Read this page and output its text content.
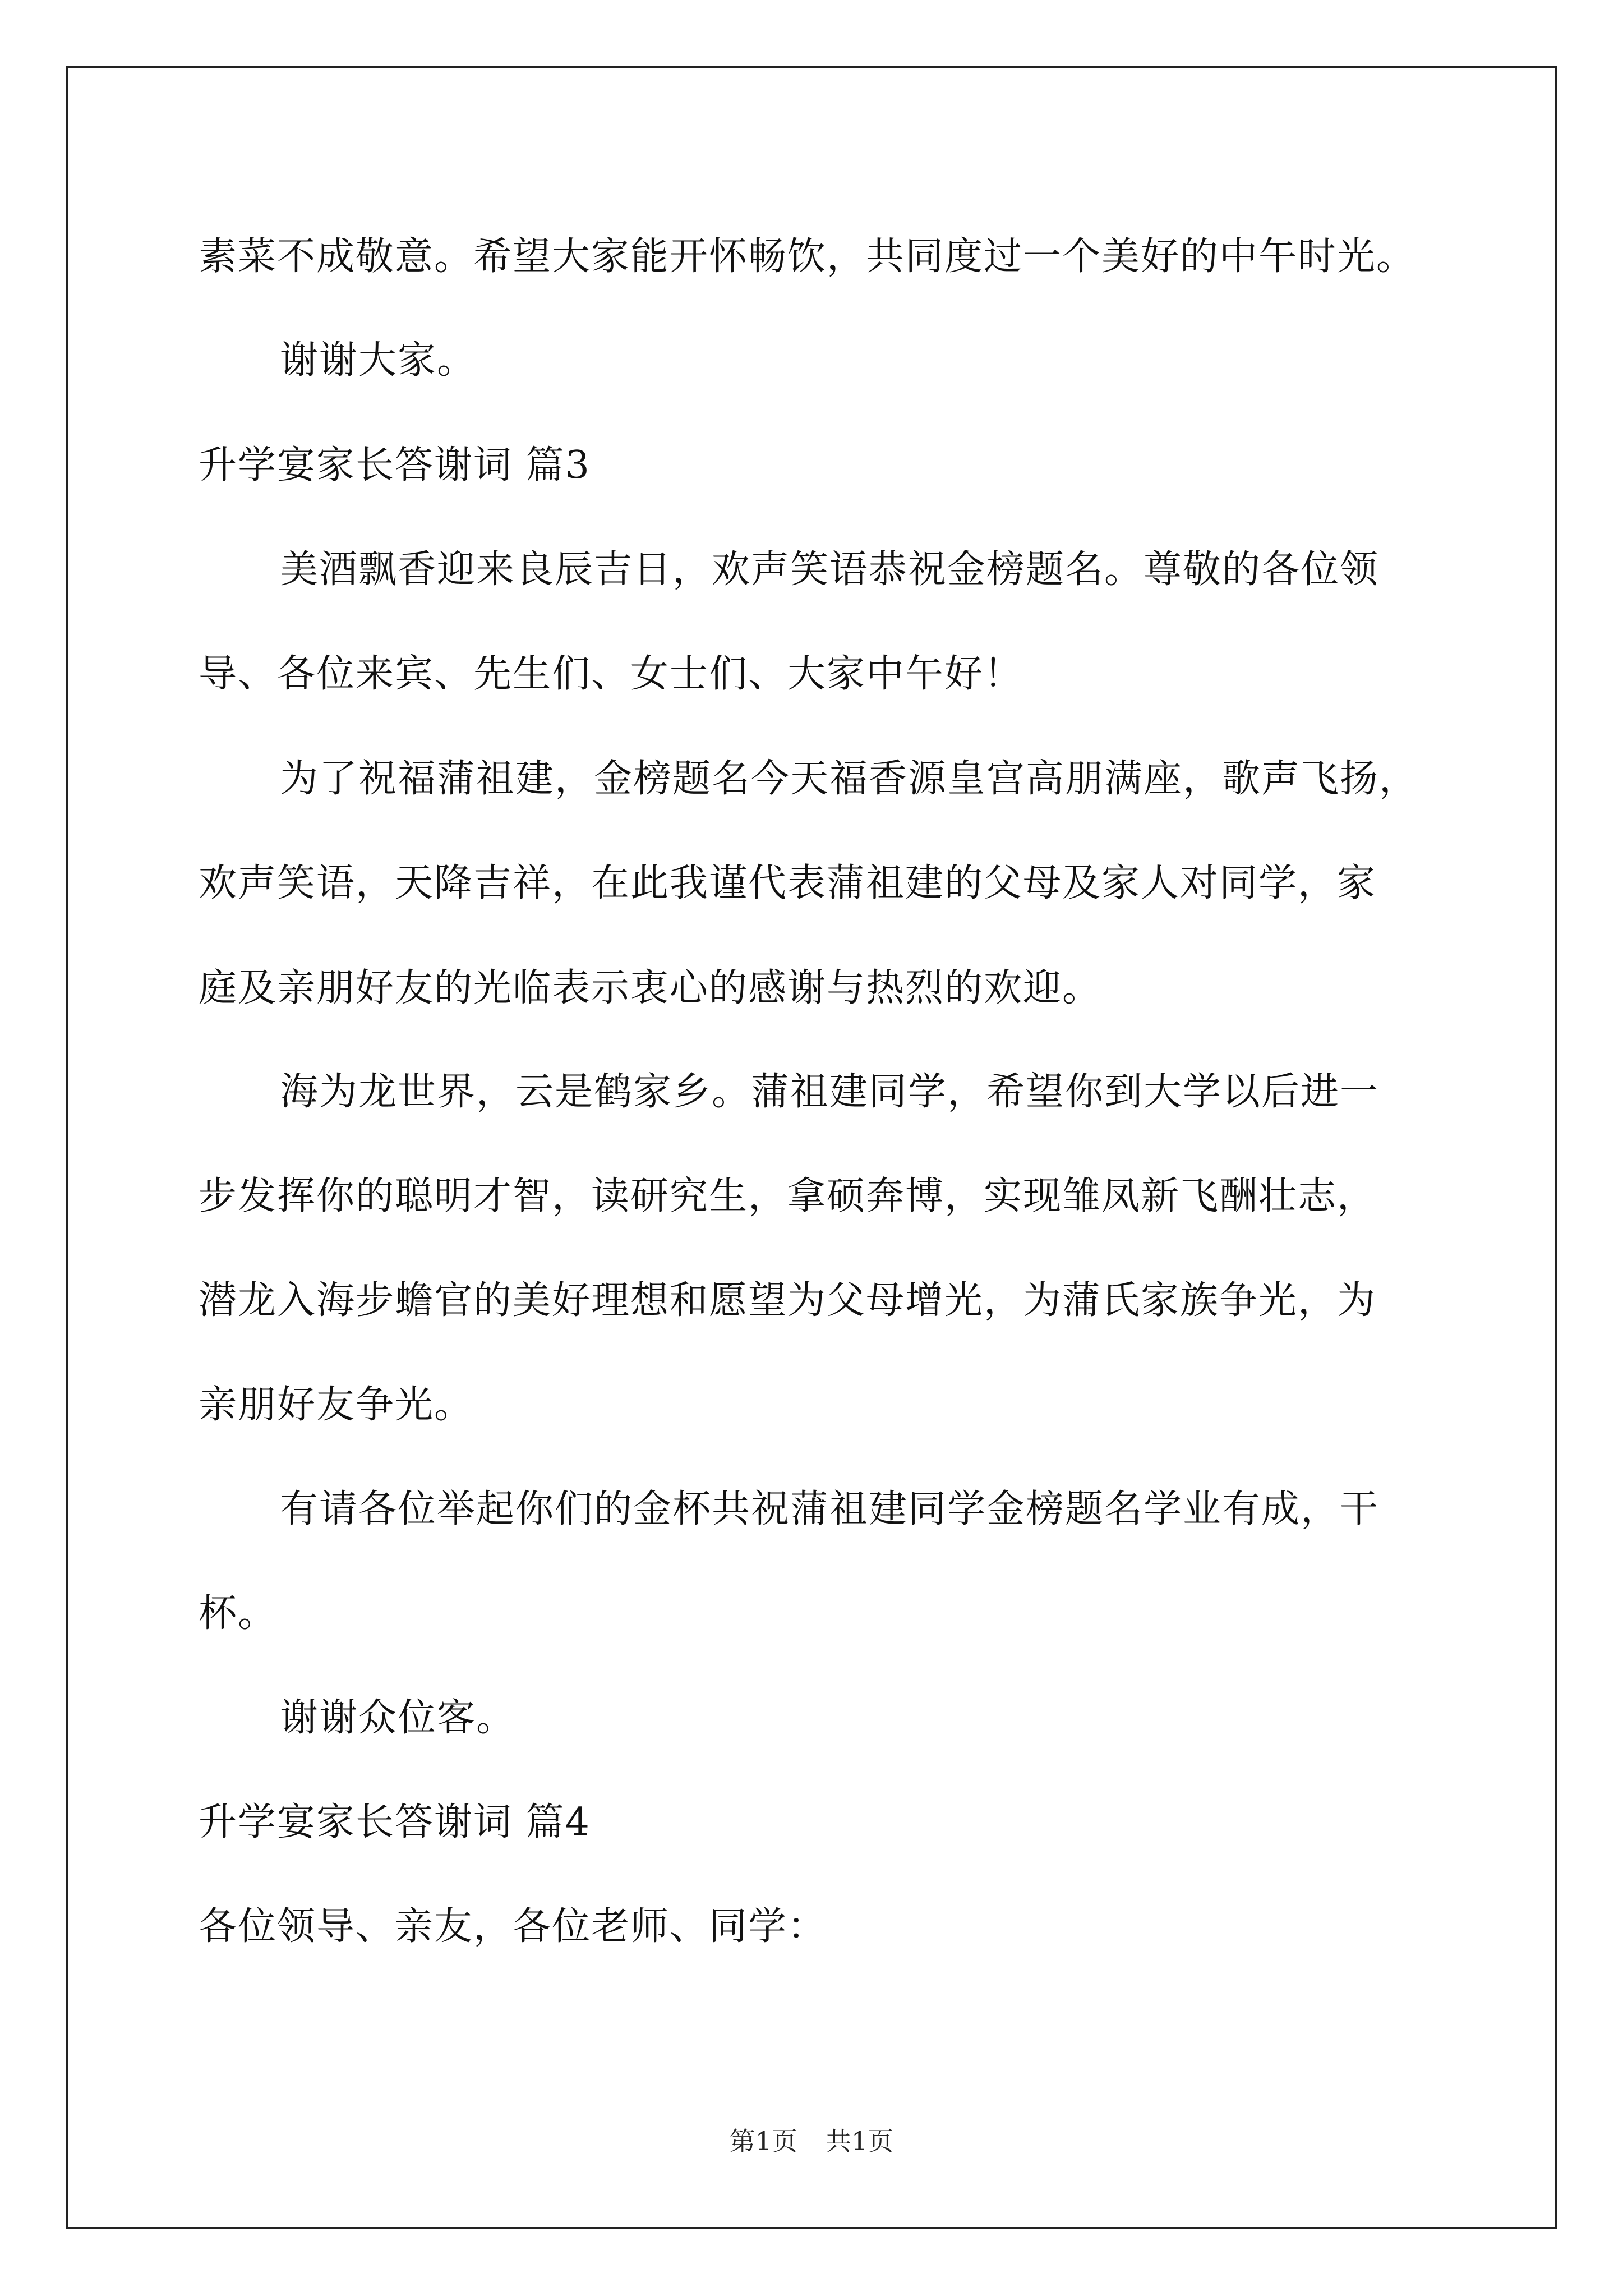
素菜不成敬意。希望大家能开怀畅饮，共同度过一个美好的中午时光。
谢谢大家。
升学宴家长答谢词 篇3
美酒飘香迎来良辰吉日，欢声笑语恭祝金榜题名。尊敬的各位领
导、各位来宾、先生们、女士们、大家中午好！
为了祝福蒲祖建，金榜题名今天福香源皇宫高朋满座，歌声飞扬，
欢声笑语，天降吉祥，在此我谨代表蒲祖建的父母及家人对同学，家
庭及亲朋好友的光临表示衷心的感谢与热烈的欢迎。
海为龙世界，云是鹤家乡。蒲祖建同学，希望你到大学以后进一
步发挥你的聪明才智，读研究生，拿硕奔博，实现雏凤新飞酬壮志，
潜龙入海步蟾官的美好理想和愿望为父母增光，为蒲氏家族争光，为
亲朋好友争光。
有请各位举起你们的金杯共祝蒲祖建同学金榜题名学业有成，干
杯。
谢谢众位客。
升学宴家长答谢词 篇4
各位领导、亲友，各位老师、同学：
第1页 共1页
